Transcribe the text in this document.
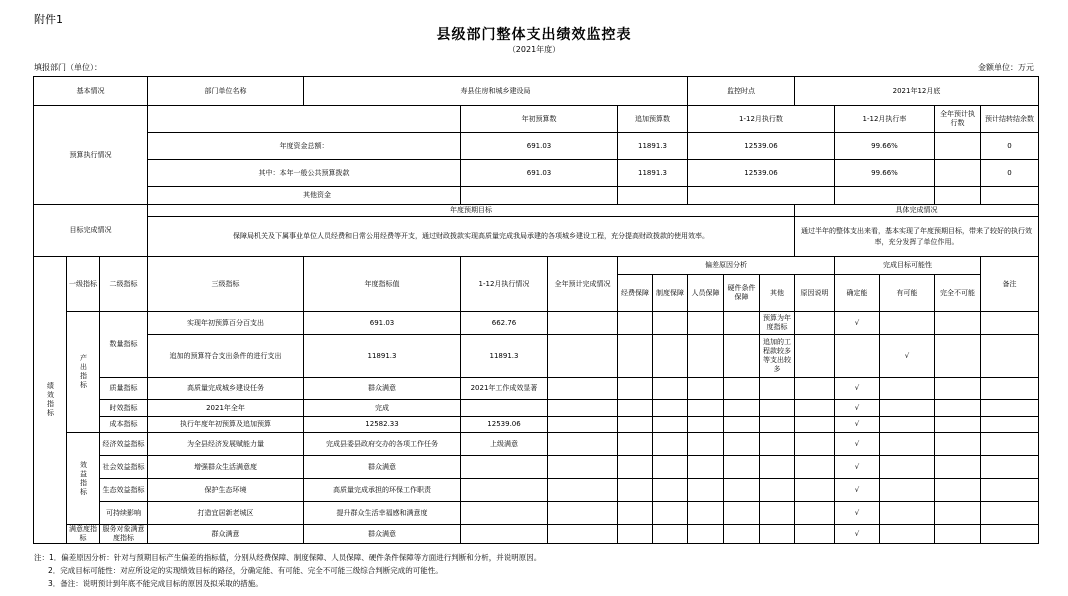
附件1
县级部门整体支出绩效监控表
（2021年度）
填报部门（单位）：	金额单位：万元
基本情况			部门单位名称	寿县住房和城乡建设局					监控时点			2021年12月底				
预算执行情况					年初预算数		追加预算数		1-12月执行数				1-12月执行率		全年预计执行数	预计结转结余数
			年度资金总额：		691.03		11891.3		12539.06				99.66%			0
			其中：本年一般公共预算拨款		691.03		11891.3		12539.06				99.66%			0
			其他资金													
目标完成情况			年度预期目标									具体完成情况				
			保障局机关及下属事业单位人员经费和日常公用经费等开支，通过财政拨款实现高质量完成我局承建的各项城乡建设工程，充分提高财政拨款的使用效率。									通过半年的整体支出来看，基本实现了年度预期目标，带来了较好的执行效率，充分发挥了单位作用。				
绩效指标	一级指标	二级指标	三级指标	年度指标值	1-12月执行情况	全年预计完成情况	偏差原因分析						完成目标可能性			备注
							经费保障	制度保障	人员保障	硬件条件保障	其他	原因说明	确定能	有可能	完全不可能	
	产出指标	数量指标	实现年初预算百分百支出	691.03	662.76						预算为年度指标		√			
			追加的预算符合支出条件的进行支出	11891.3	11891.3						追加的工程款较多等支出较多			√		
		质量指标	高质量完成城乡建设任务	群众满意	2021年工作成效显著								√			
		时效指标	2021年全年	完成									√			
		成本指标	执行年度年初预算及追加预算	12582.33	12539.06								√			
	效益指标	经济效益指标	为全县经济发展赋能力量	完成县委县政府交办的各项工作任务	上级满意								√			
		社会效益指标	增强群众生活满意度	群众满意									√			
		生态效益指标	保护生态环境	高质量完成承担的环保工作职责									√			
		可持续影响	打造宜居新老城区	提升群众生活幸福感和满意度									√			
	满意度指标	服务对象满意度指标	群众满意	群众满意									√			
注：1．偏差原因分析：针对与预期目标产生偏差的指标值，分别从经费保障、制度保障、人员保障、硬件条件保障等方面进行判断和分析，并说明原因。
2．完成目标可能性：对应所设定的实现绩效目标的路径，分确定能、有可能、完全不可能三级综合判断完成的可能性。
3．备注：说明预计到年底不能完成目标的原因及拟采取的措施。
